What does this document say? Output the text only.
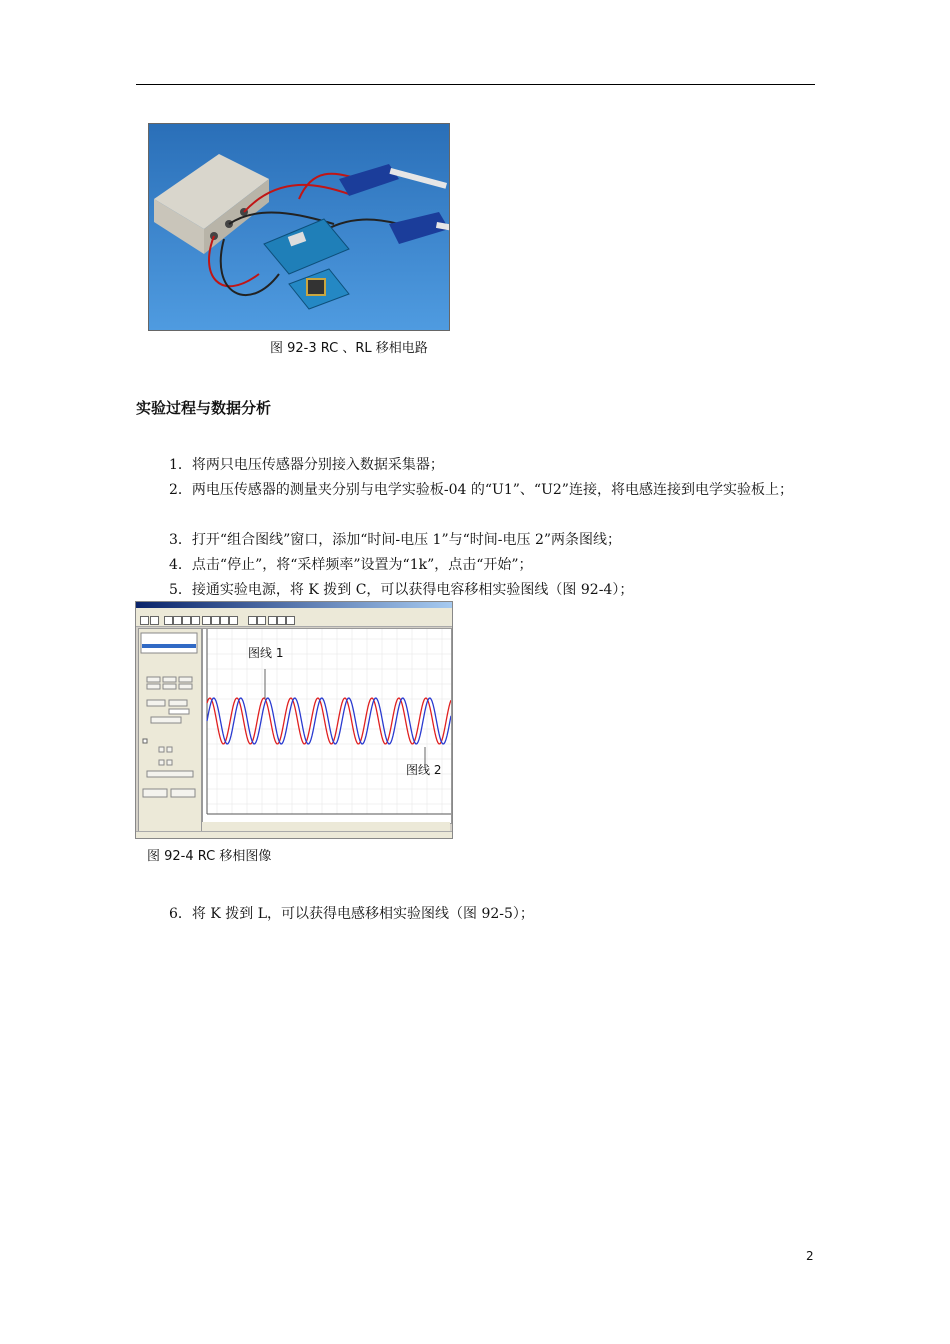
图 92-3 RC 、RL 移相电路
实验过程与数据分析
1．将两只电压传感器分别接入数据采集器；
2．两电压传感器的测量夹分别与电学实验板-04 的“U1”、“U2”连接，将电感连接到电学实验板上；
3．打开“组合图线”窗口，添加“时间-电压 1”与“时间-电压 2”两条图线；
4．点击“停止”，将“采样频率”设置为“1k”，点击“开始”；
5．接通实验电源，将 K 拨到 C，可以获得电容移相实验图线（图 92-4）；
图线 1
图线 2
图 92-4 RC 移相图像
6．将 K 拨到 L，可以获得电感移相实验图线（图 92-5）；
2
